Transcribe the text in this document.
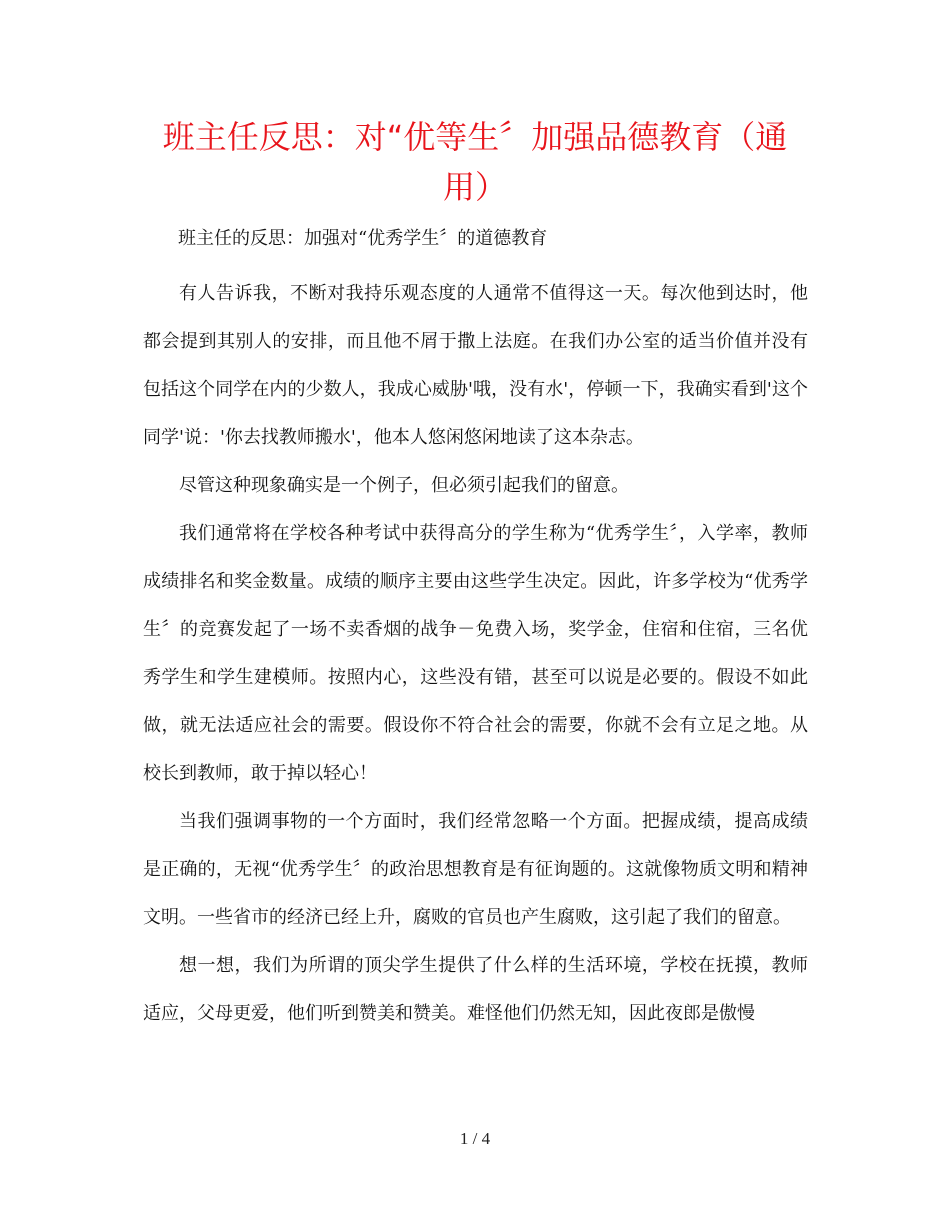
班主任反思：对“优等生〞加强品德教育（通用）

班主任的反思：加强对“优秀学生〞的道德教育

有人告诉我，不断对我持乐观态度的人通常不值得这一天。每次他到达时，他都会提到其别人的安排，而且他不屑于撒上法庭。在我们办公室的适当价值并没有包括这个同学在内的少数人，我成心威胁'哦，没有水'，停顿一下，我确实看到'这个同学'说：'你去找教师搬水'，他本人悠闲悠闲地读了这本杂志。

尽管这种现象确实是一个例子，但必须引起我们的留意。

我们通常将在学校各种考试中获得高分的学生称为“优秀学生〞，入学率，教师成绩排名和奖金数量。成绩的顺序主要由这些学生决定。因此，许多学校为“优秀学生〞的竞赛发起了一场不卖香烟的战争－免费入场，奖学金，住宿和住宿，三名优秀学生和学生建模师。按照内心，这些没有错，甚至可以说是必要的。假设不如此做，就无法适应社会的需要。假设你不符合社会的需要，你就不会有立足之地。从校长到教师，敢于掉以轻心！

当我们强调事物的一个方面时，我们经常忽略一个方面。把握成绩，提高成绩是正确的，无视“优秀学生〞的政治思想教育是有征询题的。这就像物质文明和精神文明。一些省市的经济已经上升，腐败的官员也产生腐败，这引起了我们的留意。

想一想，我们为所谓的顶尖学生提供了什么样的生活环境，学校在抚摸，教师适应，父母更爱，他们听到赞美和赞美。难怪他们仍然无知，因此夜郎是傲慢

1 / 4
